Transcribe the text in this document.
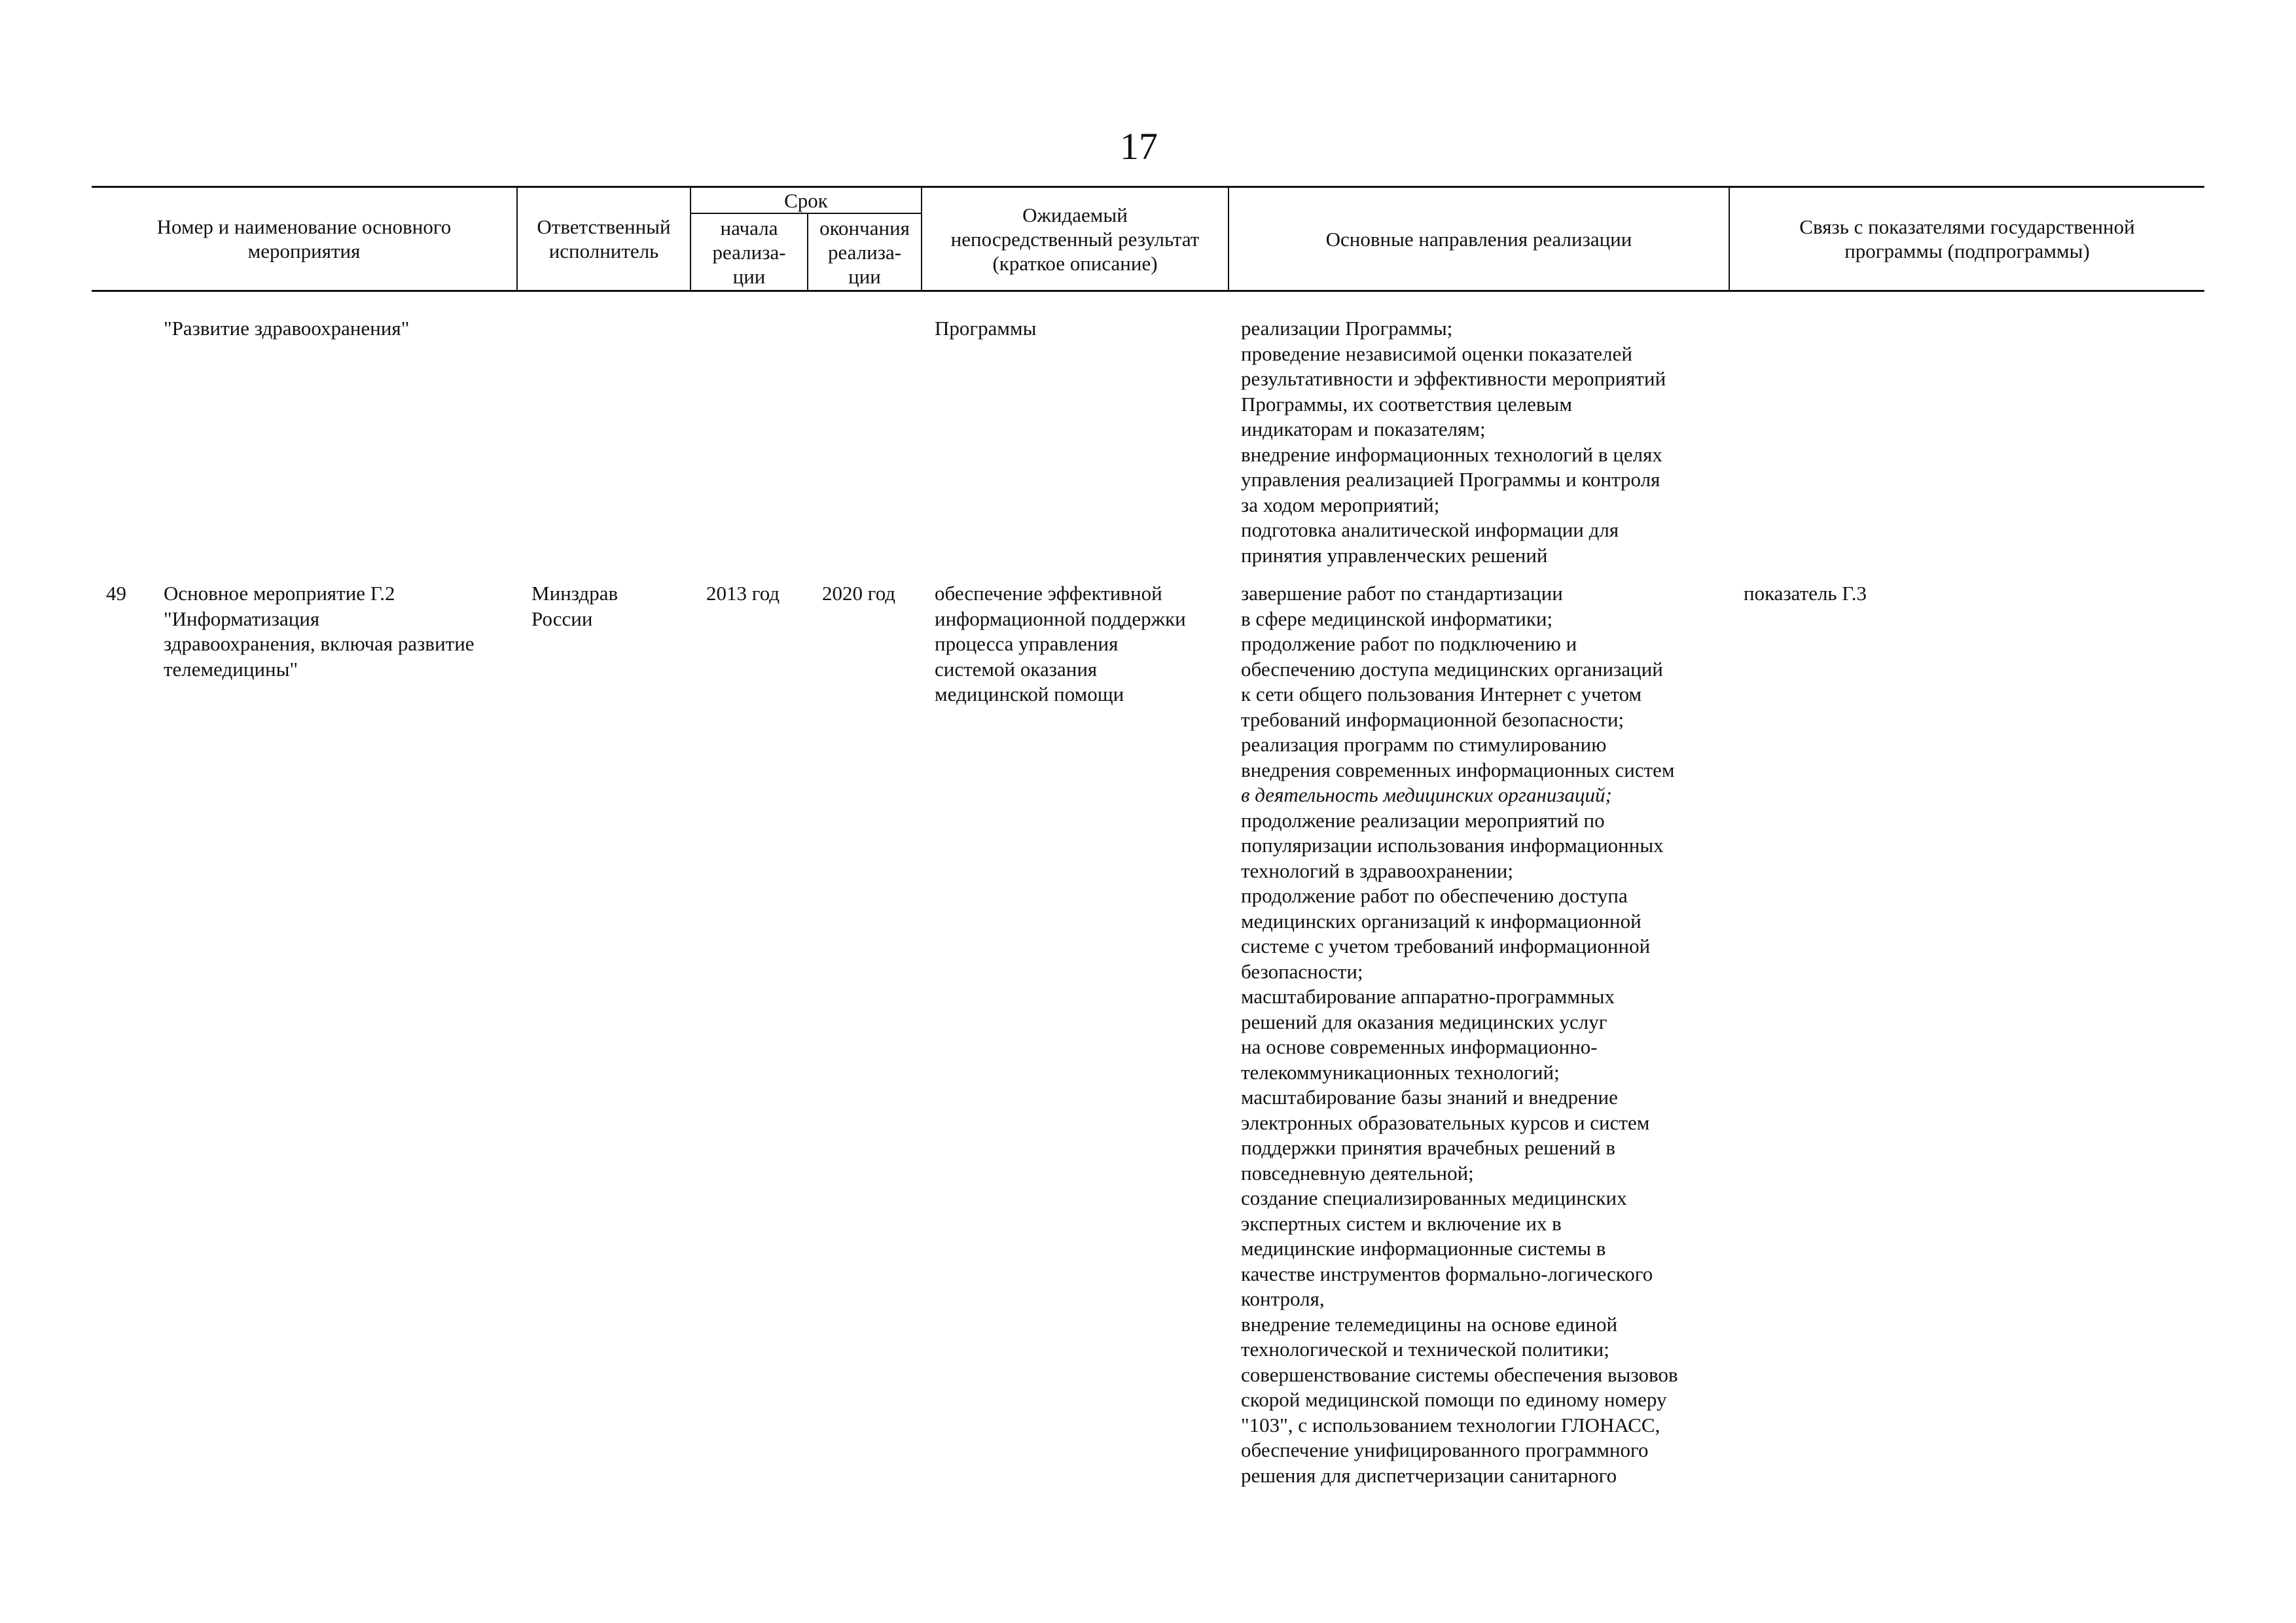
17
Номер и наименование основного
мероприятия
Ответственный
исполнитель
Срок
начала
реализа-
ции
окончания
реализа-
ции
Ожидаемый
непосредственный результат
(краткое описание)
Основные направления реализации
Связь с показателями государственной
программы (подпрограммы)
"Развитие здравоохранения"	Программы	реализации Программы;
проведение независимой оценки показателей
результативности и эффективности мероприятий
Программы, их соответствия целевым
индикаторам и показателям;
внедрение информационных технологий в целях
управления реализацией Программы и контроля
за ходом мероприятий;
подготовка аналитической информации для
принятия управленческих решений
49 Основное мероприятие Г.2
"Информатизация
здравоохранения, включая развитие
телемедицины"
Минздрав
России
2013 год 2020 год обеспечение эффективной
информационной поддержки
процесса управления
системой оказания
медицинской помощи
завершение работ по стандартизации
в сфере медицинской информатики;
продолжение работ по подключению и
обеспечению доступа медицинских организаций
к сети общего пользования Интернет с учетом
требований информационной безопасности;
реализация программ по стимулированию
внедрения современных информационных систем
в деятельность медицинских организаций;
продолжение реализации мероприятий по
популяризации использования информационных
технологий в здравоохранении;
продолжение работ по обеспечению доступа
медицинских организаций к информационной
системе с учетом требований информационной
безопасности;
масштабирование аппаратно-программных
решений для оказания медицинских услуг
на основе современных информационно-
телекоммуникационных технологий;
масштабирование базы знаний и внедрение
электронных образовательных курсов и систем
поддержки принятия врачебных решений в
повседневную деятельной;
создание специализированных медицинских
экспертных систем и включение их в
медицинские информационные системы в
качестве инструментов формально-логического
контроля,
внедрение телемедицины на основе единой
технологической и технической политики;
совершенствование системы обеспечения вызовов
скорой медицинской помощи по единому номеру
"103", с использованием технологии ГЛОНАСС,
обеспечение унифицированного программного
решения для диспетчеризации санитарного
показатель Г.3
